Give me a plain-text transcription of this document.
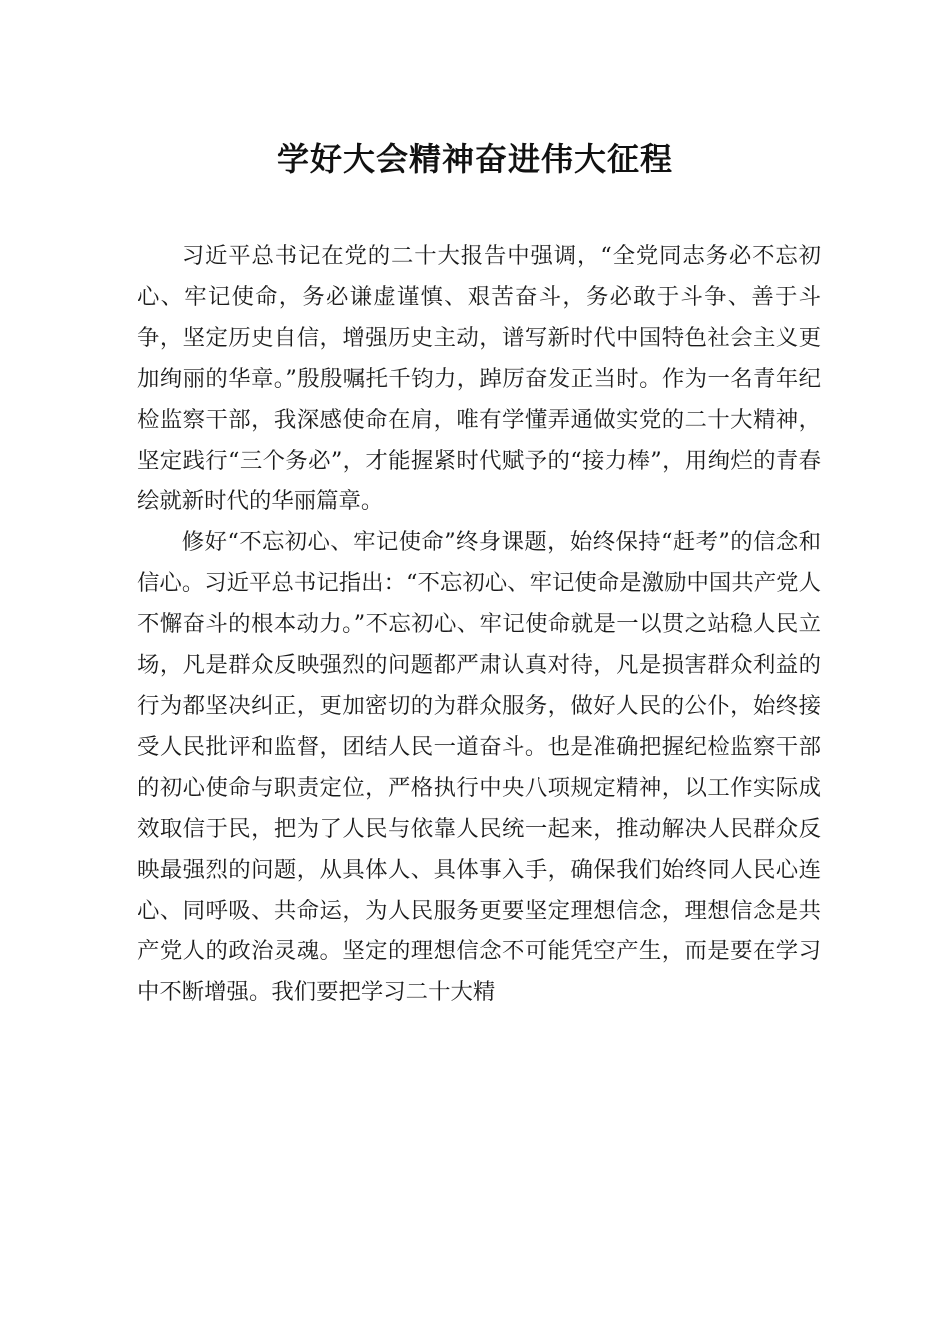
学好大会精神奋进伟大征程

习近平总书记在党的二十大报告中强调，“全党同志务必不忘初心、牢记使命，务必谦虚谨慎、艰苦奋斗，务必敢于斗争、善于斗争，坚定历史自信，增强历史主动，谱写新时代中国特色社会主义更加绚丽的华章。”殷殷嘱托千钧力，踔厉奋发正当时。作为一名青年纪检监察干部，我深感使命在肩，唯有学懂弄通做实党的二十大精神，坚定践行“三个务必”，才能握紧时代赋予的“接力棒”，用绚烂的青春绘就新时代的华丽篇章。

修好“不忘初心、牢记使命”终身课题，始终保持“赶考”的信念和信心。习近平总书记指出：“不忘初心、牢记使命是激励中国共产党人不懈奋斗的根本动力。”不忘初心、牢记使命就是一以贯之站稳人民立场，凡是群众反映强烈的问题都严肃认真对待，凡是损害群众利益的行为都坚决纠正，更加密切的为群众服务，做好人民的公仆，始终接受人民批评和监督，团结人民一道奋斗。也是准确把握纪检监察干部的初心使命与职责定位，严格执行中央八项规定精神，以工作实际成效取信于民，把为了人民与依靠人民统一起来，推动解决人民群众反映最强烈的问题，从具体人、具体事入手，确保我们始终同人民心连心、同呼吸、共命运，为人民服务更要坚定理想信念，理想信念是共产党人的政治灵魂。坚定的理想信念不可能凭空产生，而是要在学习中不断增强。我们要把学习二十大精
